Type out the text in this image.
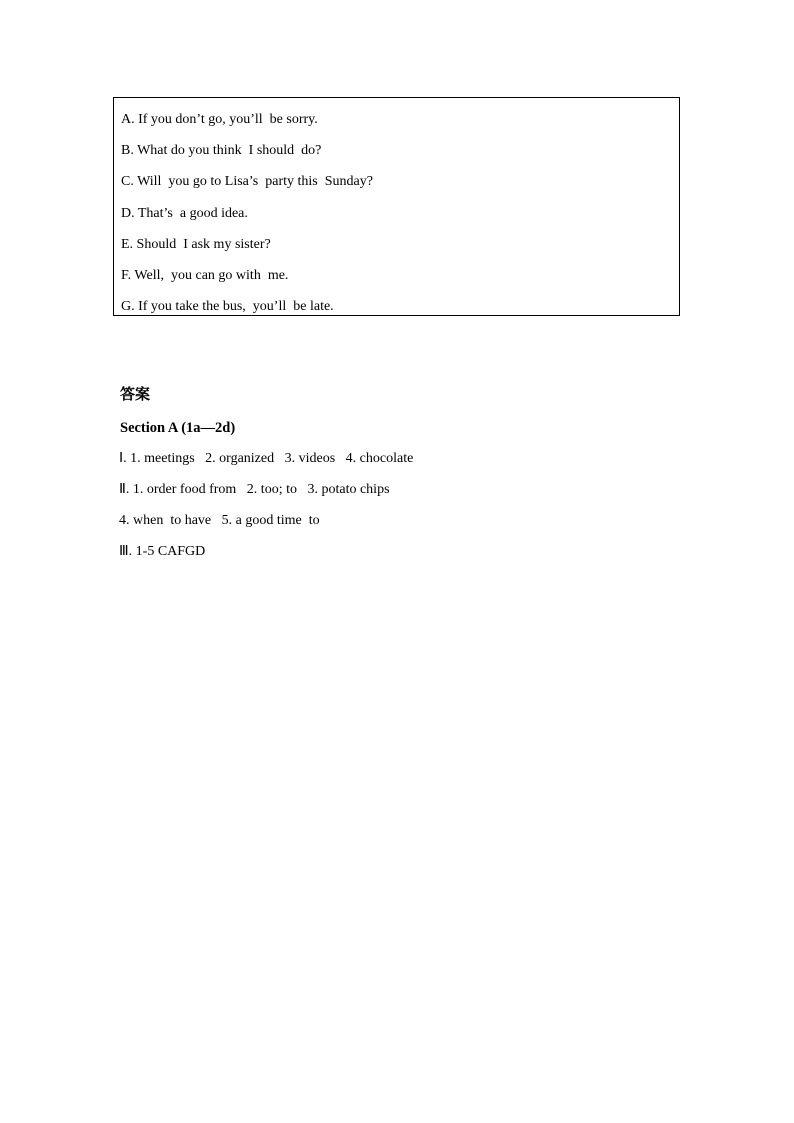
A. If you don’t go, you’ll  be sorry.
B. What do you think  I should  do?
C. Will  you go to Lisa’s  party this  Sunday?
D. That’s  a good idea.
E. Should  I ask my sister?
F. Well,  you can go with  me.
G. If you take the bus,  you’ll  be late.
答案
Section A (1a—2d)
Ⅰ. 1. meetings   2. organized   3. videos   4. chocolate
Ⅱ. 1. order food from   2. too; to   3. potato chips
4. when  to have   5. a good time  to
Ⅲ. 1-5 CAFGD
